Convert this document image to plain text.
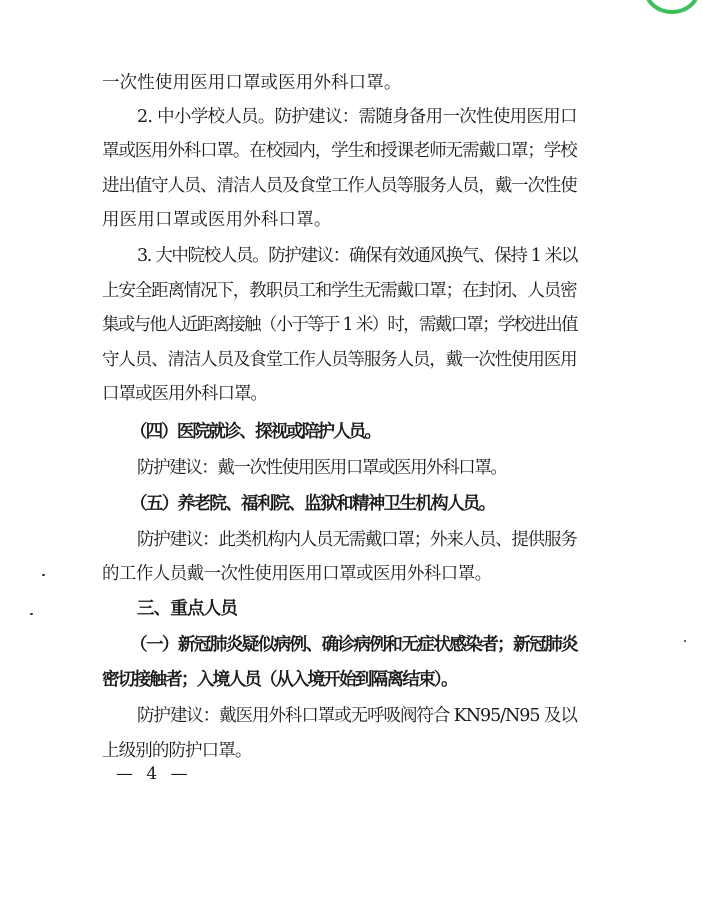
一次性使用医用口罩或医用外科口罩。
2. 中小学校人员。防护建议：需随身备用一次性使用医用口
罩或医用外科口罩。在校园内，学生和授课老师无需戴口罩；学校
进出值守人员、清洁人员及食堂工作人员等服务人员，戴一次性使
用医用口罩或医用外科口罩。
3. 大中院校人员。防护建议：确保有效通风换气、保持 1 米以
上安全距离情况下，教职员工和学生无需戴口罩；在封闭、人员密
集或与他人近距离接触（小于等于 1 米）时，需戴口罩；学校进出值
守人员、清洁人员及食堂工作人员等服务人员，戴一次性使用医用
口罩或医用外科口罩。
（四）医院就诊、探视或陪护人员。
防护建议：戴一次性使用医用口罩或医用外科口罩。
（五）养老院、福利院、监狱和精神卫生机构人员。
防护建议：此类机构内人员无需戴口罩；外来人员、提供服务
的工作人员戴一次性使用医用口罩或医用外科口罩。
三、重点人员
（一）新冠肺炎疑似病例、确诊病例和无症状感染者；新冠肺炎
密切接触者；入境人员（从入境开始到隔离结束）。
防护建议：戴医用外科口罩或无呼吸阀符合 KN95/N95 及以
上级别的防护口罩。
— 4 —
